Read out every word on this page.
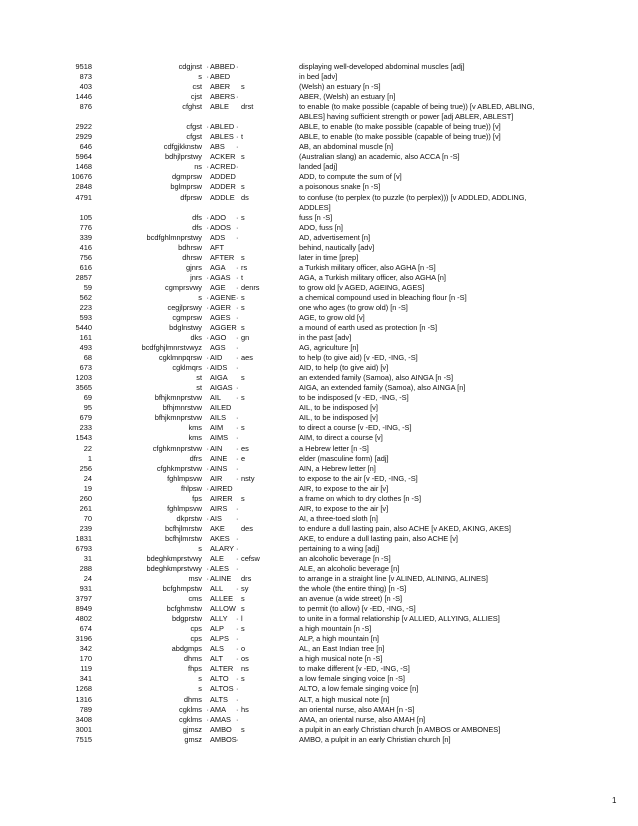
9518	cdgjnst · ABBED ·	displaying well-developed abdominal muscles [adj]
873	s · ABED	in bed [adv]
403	cst ABER	s	(Welsh) an estuary [n -S]
1446	cjst ABERS ·	ABER, (Welsh) an estuary [n]
876	cfghst ABLE	drst	to enable (to make possible (capable of being true)) [v ABLED, ABLING,
ABLES] having sufficient strength or power [adj ABLER, ABLEST]
2922	cfgst · ABLED ·	ABLE, to enable (to make possible (capable of being true)) [v]
2929	cfgst ABLES · t	ABLE, to enable (to make possible (capable of being true)) [v]
646	cdfgjkknstw ABS	·	AB, an abdominal muscle [n]
5964	bdhjlprstwy ACKER s	(Australian slang) an academic, also ACCA [n -S]
1468	ns · ACRED ·	landed [adj]
10676	dgmprsw ADDED	ADD, to compute the sum of [v]
2848	bglmprsw ADDER s	a poisonous snake [n -S]
4791	dfprsw ADDLE ds	to confuse (to perplex (to puzzle (to perplex))) [v ADDLED, ADDLING,
ADDLES]
105	dfs · ADO	· s	fuss [n -S]
776	dfs · ADOS ·	ADO, fuss [n]
339	bcdfghlmnprstwy ADS	·	AD, advertisement [n]
416	bdhrsw AFT	behind, nautically [adv]
756	dhrsw AFTER s	later in time [prep]
616	gjnrs AGA	· rs	a Turkish military officer, also AGHA [n -S]
2857	jnrs · AGAS · t	AGA, a Turkish military officer, also AGHA [n]
59	cgmprsvwy AGE	· denrs	to grow old [v AGED, AGEING, AGES]
562	s · AGENE · s	a chemical compound used in bleaching flour [n -S]
223	cegjlprswy · AGER · s	one who ages (to grow old) [n -S]
593	cgmprsw AGES ·	AGE, to grow old [v]
5440	bdglnstwy AGGER s	a mound of earth used as protection [n -S]
161	dks · AGO	· gn	in the past [adv]
493	bcdfghjlmnrstvwyz AGS	·	AG, agriculture [n]
68	cgklmnpqrsw · AID	· aes	to help (to give aid) [v -ED, -ING, -S]
673	cgklmqrs · AIDS	·	AID, to help (to give aid) [v]
1203	st AIGA	s	an extended family (Samoa), also AINGA [n -S]
3565	st AIGAS ·	AIGA, an extended family (Samoa), also AINGA [n]
69	bfhjkmnprstvw AIL	· s	to be indisposed [v -ED, -ING, -S]
95	bfhjmnrstvw AILED	AIL, to be indisposed [v]
679	bfhjkmnprstvw AILS	·	AIL, to be indisposed [v]
233	kms AIM	· s	to direct a course [v -ED, -ING, -S]
1543	kms AIMS	·	AIM, to direct a course [v]
22	cfghkmnprstvw · AIN	· es	a Hebrew letter [n -S]
1	dfrs AINE	· e	elder (masculine form) [adj]
256	cfghkmprstvw · AINS	·	AIN, a Hebrew letter [n]
24	fghlmpsvw AIR	· nsty	to expose to the air [v -ED, -ING, -S]
19	fhlpsw · AIRED	AIR, to expose to the air [v]
260	fps AIRER	s	a frame on which to dry clothes [n -S]
261	fghlmpsvw AIRS	·	AIR, to expose to the air [v]
70	dkprstw · AIS	·	AI, a three-toed sloth [n]
239	bcfhjlmrstw AKE	des	to endure a dull lasting pain, also ACHE [v AKED, AKING, AKES]
1831	bcfhjlmrstw AKES ·	AKE, to endure a dull lasting pain, also ACHE [v]
6793	s ALARY ·	pertaining to a wing [adj]
31	bdeghkmprstvwy ALE	· cefsw	an alcoholic beverage [n -S]
288	bdeghkmprstvwy · ALES ·	ALE, an alcoholic beverage [n]
24	msv · ALINE	drs	to arrange in a straight line [v ALINED, ALINING, ALINES]
931	bcfghmpstw ALL	· sy	the whole (the entire thing) [n -S]
3797	cms ALLEE	s	an avenue (a wide street) [n -S]
8949	bcfghmstw ALLOW s	to permit (to allow) [v -ED, -ING, -S]
4802	bdgprstw ALLY	· l	to unite in a formal relationship [v ALLIED, ALLYING, ALLIES]
674	cps ALP	· s	a high mountain [n -S]
3196	cps ALPS ·	ALP, a high mountain [n]
342	abdgmps ALS	· o	AL, an East Indian tree [n]
170	dhms ALT	· os	a high musical note [n -S]
119	fhps ALTER	ns	to make different [v -ED, -ING, -S]
341	s ALTO · s	a low female singing voice [n -S]
1268	s ALTOS ·	ALTO, a low female singing voice [n]
1316	dhms ALTS	·	ALT, a high musical note [n]
789	cgklms · AMA	· hs	an oriental nurse, also AMAH [n -S]
3408	cgklms · AMAS ·	AMA, an oriental nurse, also AMAH [n]
3001	gjmsz AMBO	s	a pulpit in an early Christian church [n AMBOS or AMBONES]
7515	gmsz AMBOS ·	AMBO, a pulpit in an early Christian church [n]
1
